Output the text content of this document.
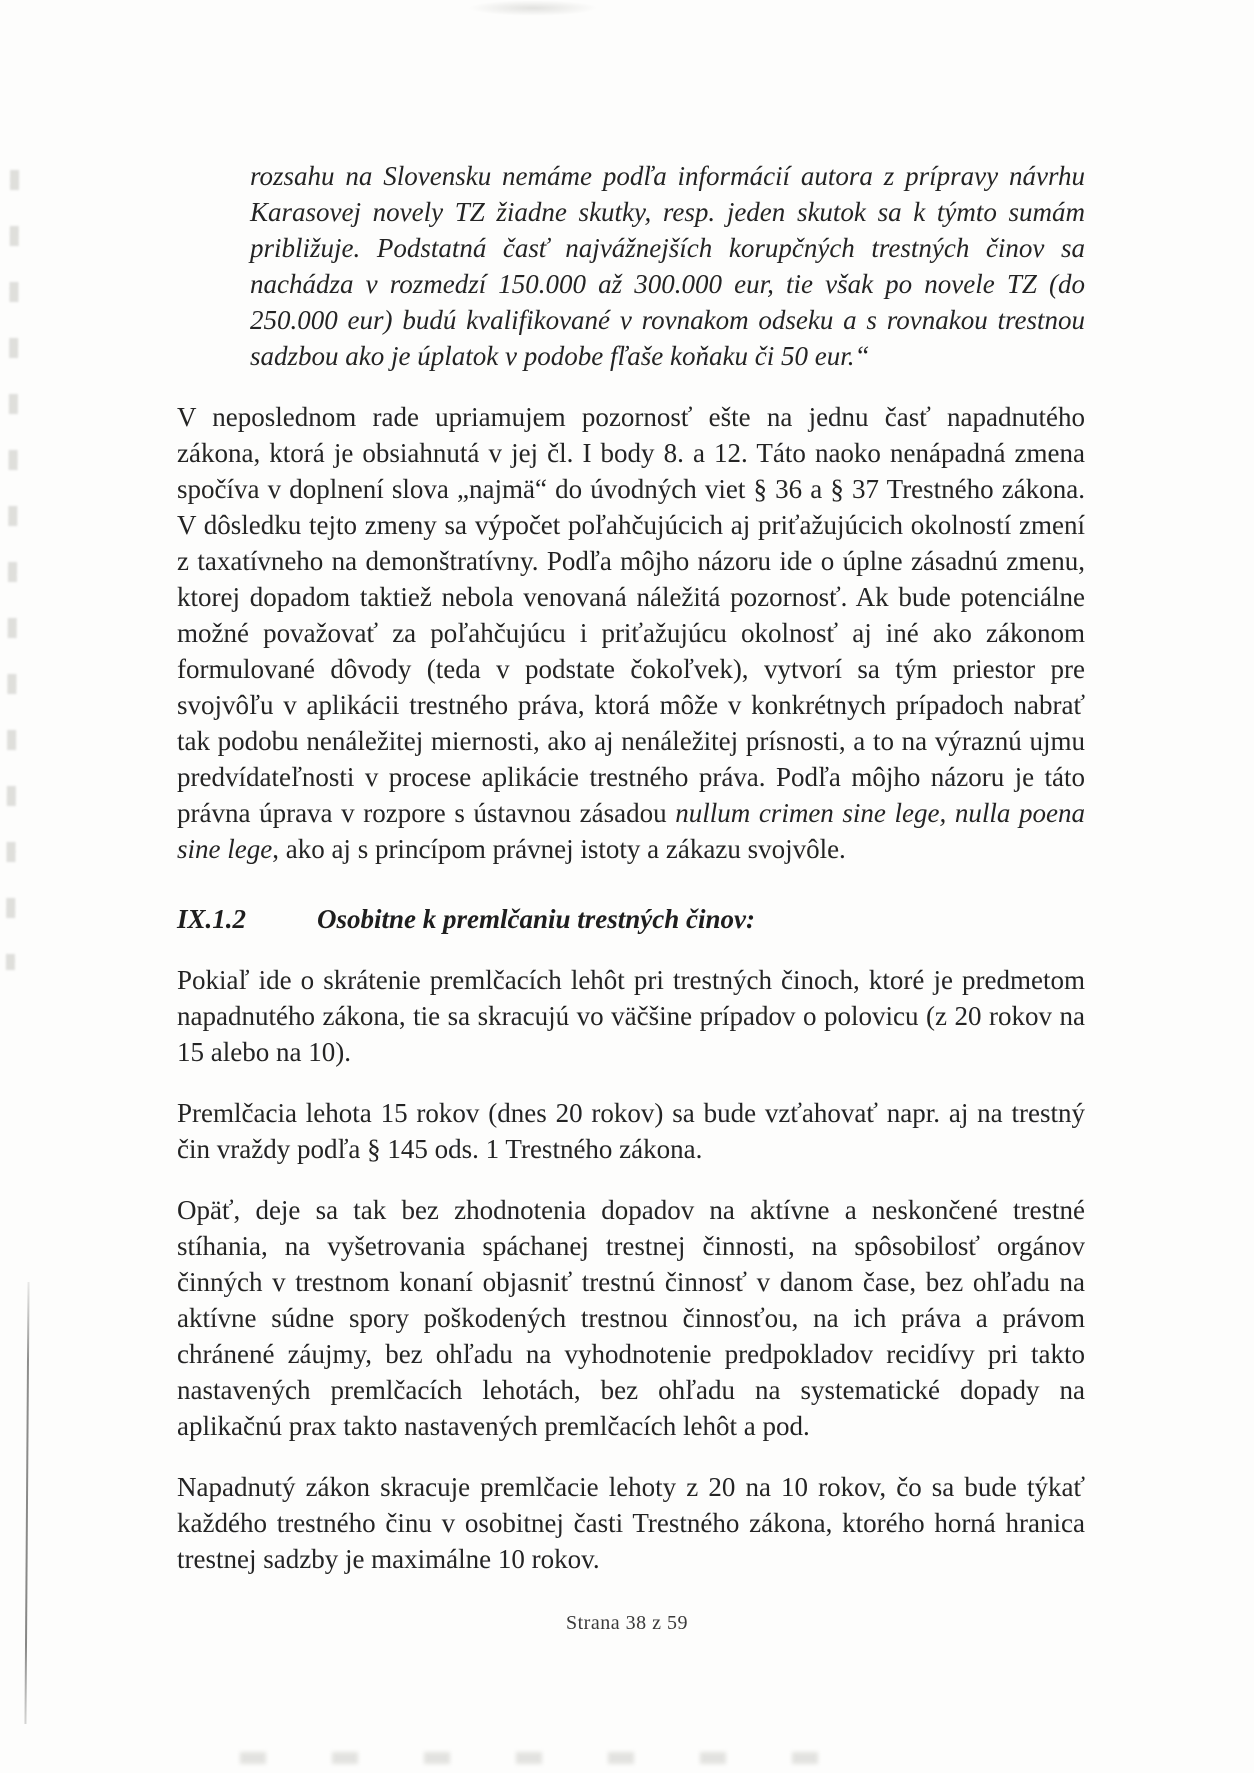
rozsahu na Slovensku nemáme podľa informácií autora z prípravy návrhu Karasovej novely TZ žiadne skutky, resp. jeden skutok sa k týmto sumám približuje. Podstatná časť najvážnejších korupčných trestných činov sa nachádza v rozmedzí 150.000 až 300.000 eur, tie však po novele TZ (do 250.000 eur) budú kvalifikované v rovnakom odseku a s rovnakou trestnou sadzbou ako je úplatok v podobe fľaše koňaku či 50 eur.“

V neposlednom rade upriamujem pozornosť ešte na jednu časť napadnutého zákona, ktorá je obsiahnutá v jej čl. I body 8. a 12. Táto naoko nenápadná zmena spočíva v doplnení slova „najmä“ do úvodných viet § 36 a § 37 Trestného zákona. V dôsledku tejto zmeny sa výpočet poľahčujúcich aj priťažujúcich okolností zmení z taxatívneho na demonštratívny. Podľa môjho názoru ide o úplne zásadnú zmenu, ktorej dopadom taktiež nebola venovaná náležitá pozornosť. Ak bude potenciálne možné považovať za poľahčujúcu i priťažujúcu okolnosť aj iné ako zákonom formulované dôvody (teda v podstate čokoľvek), vytvorí sa tým priestor pre svojvôľu v aplikácii trestného práva, ktorá môže v konkrétnych prípadoch nabrať tak podobu nenáležitej miernosti, ako aj nenáležitej prísnosti, a to na výraznú ujmu predvídateľnosti v procese aplikácie trestného práva. Podľa môjho názoru je táto právna úprava v rozpore s ústavnou zásadou nullum crimen sine lege, nulla poena sine lege, ako aj s princípom právnej istoty a zákazu svojvôle.

IX.1.2	Osobitne k premlčaniu trestných činov:

Pokiaľ ide o skrátenie premlčacích lehôt pri trestných činoch, ktoré je predmetom napadnutého zákona, tie sa skracujú vo väčšine prípadov o polovicu (z 20 rokov na 15 alebo na 10).

Premlčacia lehota 15 rokov (dnes 20 rokov) sa bude vzťahovať napr. aj na trestný čin vraždy podľa § 145 ods. 1 Trestného zákona.

Opäť, deje sa tak bez zhodnotenia dopadov na aktívne a neskončené trestné stíhania, na vyšetrovania spáchanej trestnej činnosti, na spôsobilosť orgánov činných v trestnom konaní objasniť trestnú činnosť v danom čase, bez ohľadu na aktívne súdne spory poškodených trestnou činnosťou, na ich práva a právom chránené záujmy, bez ohľadu na vyhodnotenie predpokladov recidívy pri takto nastavených premlčacích lehotách, bez ohľadu na systematické dopady na aplikačnú prax takto nastavených premlčacích lehôt a pod.

Napadnutý zákon skracuje premlčacie lehoty z 20 na 10 rokov, čo sa bude týkať každého trestného činu v osobitnej časti Trestného zákona, ktorého horná hranica trestnej sadzby je maximálne 10 rokov.

Strana 38 z 59
